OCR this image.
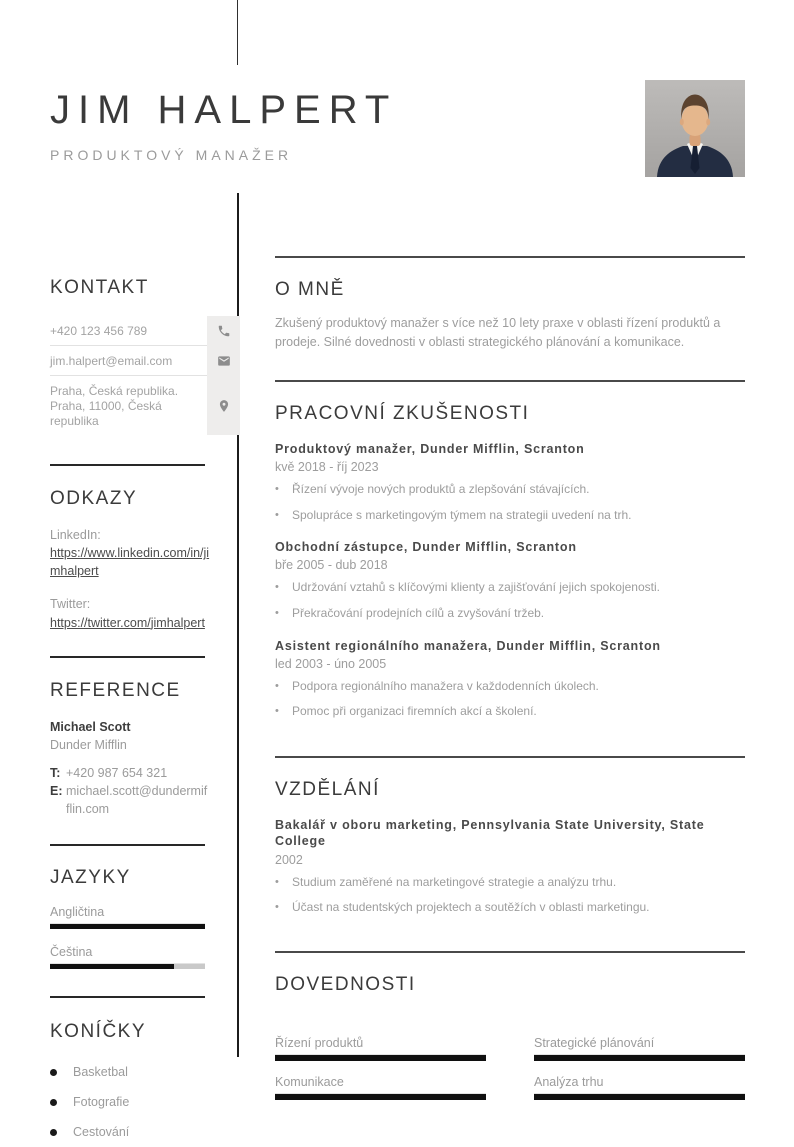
JIM HALPERT
PRODUKTOVÝ MANAŽER
KONTAKT
+420 123 456 789
jim.halpert@email.com
Praha, Česká republika.
Praha, 11000, Česká republika
ODKAZY
LinkedIn:
https://www.linkedin.com/in/jimhalpert
Twitter:
https://twitter.com/jimhalpert
REFERENCE
Michael Scott
Dunder Mifflin
T: +420 987 654 321
E: michael.scott@dundermifflin.com
JAZYKY
Angličtina
Čeština
KONÍČKY
Basketbal
Fotografie
Cestování
O MNĚ

Zkušený produktový manažer s více než 10 lety praxe v oblasti řízení produktů a prodeje. Silné dovednosti v oblasti strategického plánování a komunikace.

PRACOVNÍ ZKUŠENOSTI
Produktový manažer, Dunder Mifflin, Scranton
kvě 2018 - říj 2023
•	Řízení vývoje nových produktů a zlepšování stávajících.
•	Spolupráce s marketingovým týmem na strategii uvedení na trh.
Obchodní zástupce, Dunder Mifflin, Scranton
bře 2005 - dub 2018
•	Udržování vztahů s klíčovými klienty a zajišťování jejich spokojenosti.
•	Překračování prodejních cílů a zvyšování tržeb.
Asistent regionálního manažera, Dunder Mifflin, Scranton
led 2003 - úno 2005
•	Podpora regionálního manažera v každodenních úkolech.
•	Pomoc při organizaci firemních akcí a školení.
VZDĚLÁNÍ
Bakalář v oboru marketing, Pennsylvania State University, State College
2002
•	Studium zaměřené na marketingové strategie a analýzu trhu.
•	Účast na studentských projektech a soutěžích v oblasti marketingu.
DOVEDNOSTI
Řízení produktů	Strategické plánování
Komunikace	Analýza trhu
